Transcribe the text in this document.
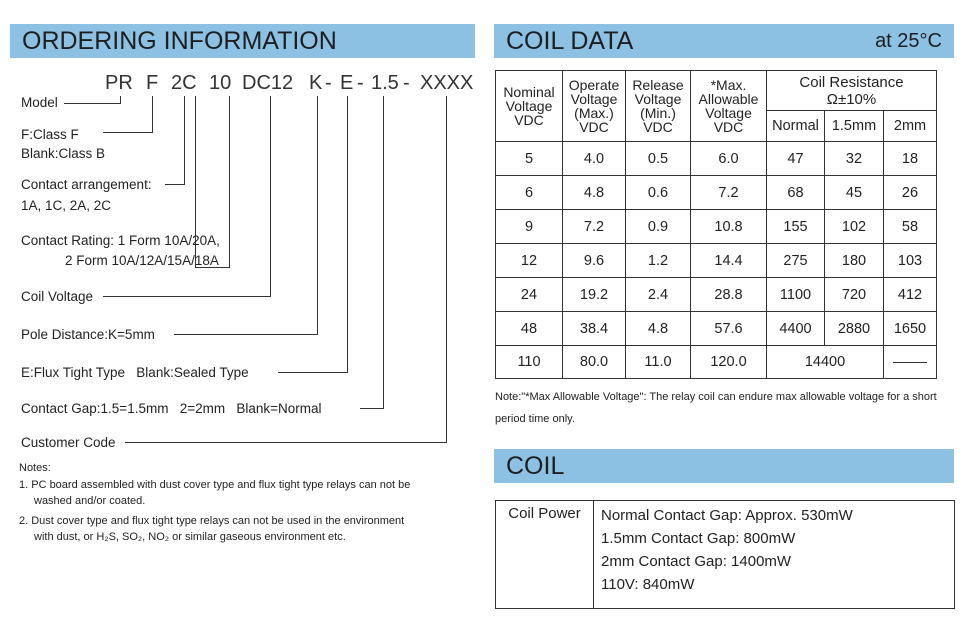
ORDERING INFORMATION
PR F 2C 10 DC12 K - E - 1.5 - XXXX
Model
F:Class F
Blank:Class B
Contact arrangement:
1A, 1C, 2A, 2C
Contact Rating: 1 Form 10A/20A,
2 Form 10A/12A/15A/18A
Coil Voltage
Pole Distance:K=5mm
E:Flux Tight Type   Blank:Sealed Type
Contact Gap:1.5=1.5mm   2=2mm   Blank=Normal
Customer Code
Notes:
1. PC board assembled with dust cover type and flux tight type relays can not be
washed and/or coated.
2. Dust cover type and flux tight type relays can not be used in the environment
with dust, or H₂S, SO₂, NO₂ or similar gaseous environment etc.
COIL DATA	at 25°C
Nominal
Voltage
VDC	Operate
Voltage
(Max.)
VDC	Release
Voltage
(Min.)
VDC	*Max.
Allowable
Voltage
VDC	Coil Resistance
Ω±10%		
				Normal	1.5mm	2mm
5	4.0	0.5	6.0	47	32	18
6	4.8	0.6	7.2	68	45	26
9	7.2	0.9	10.8	155	102	58
12	9.6	1.2	14.4	275	180	103
24	19.2	2.4	28.8	1100	720	412
48	38.4	4.8	57.6	4400	2880	1650
110	80.0	11.0	120.0	14400		
Note:"*Max Allowable Voltage": The relay coil can endure max allowable voltage for a short period time only.
COIL
Coil Power	Normal Contact Gap: Approx. 530mW
1.5mm Contact Gap: 800mW
2mm Contact Gap: 1400mW
110V: 840mW
